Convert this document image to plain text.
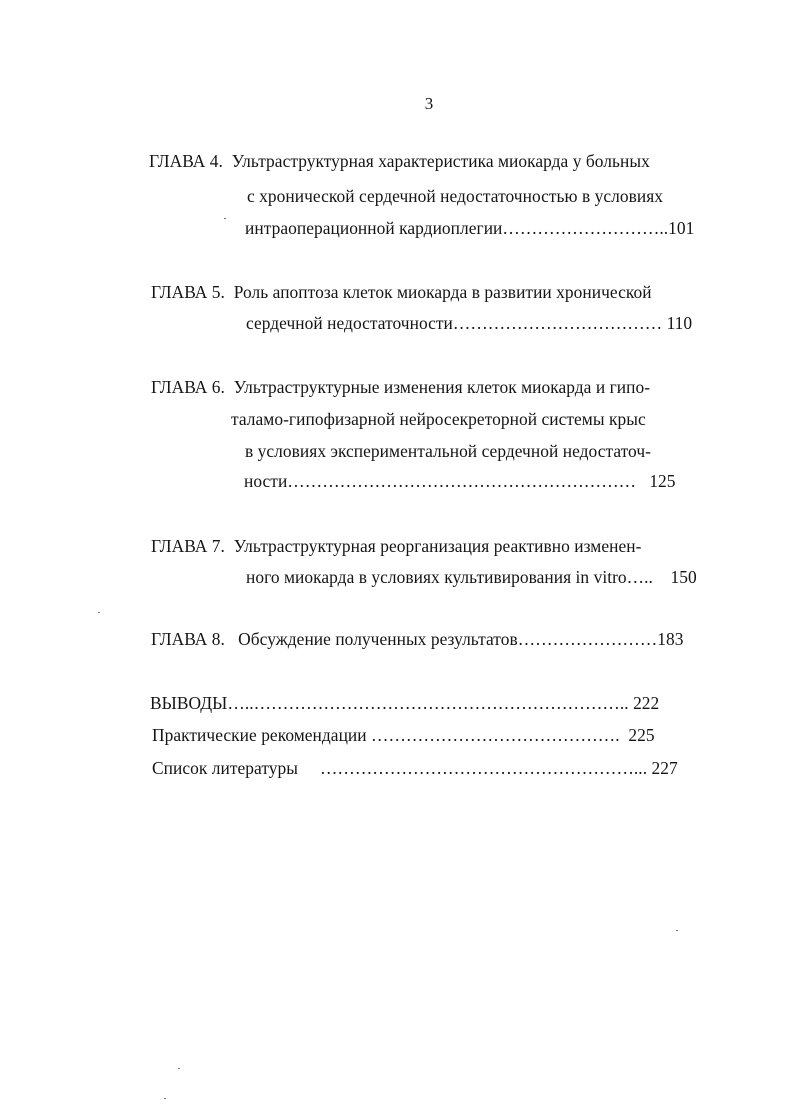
3
ГЛАВА 4.  Ультраструктурная характеристика миокарда у больных
с хронической сердечной недостаточностью в условиях
интраоперационной кардиоплегии………………………..101
ГЛАВА 5.  Роль апоптоза клеток миокарда в развитии хронической
сердечной недостаточности……………………………… 110
ГЛАВА 6.  Ультраструктурные изменения клеток миокарда и гипо-
таламо-гипофизарной нейросекреторной системы крыс
в условиях экспериментальной сердечной недостаточ-
ности……………………………………………………   125
ГЛАВА 7.  Ультраструктурная реорганизация реактивно изменен-
ного миокарда в условиях культивирования in vitro…..    150
ГЛАВА 8.   Обсуждение полученных результатов……………………183
ВЫВОДЫ…..……………………………………………………….. 222
Практические рекомендации …………………………………….  225
Список литературы     ………………………………………………... 227
